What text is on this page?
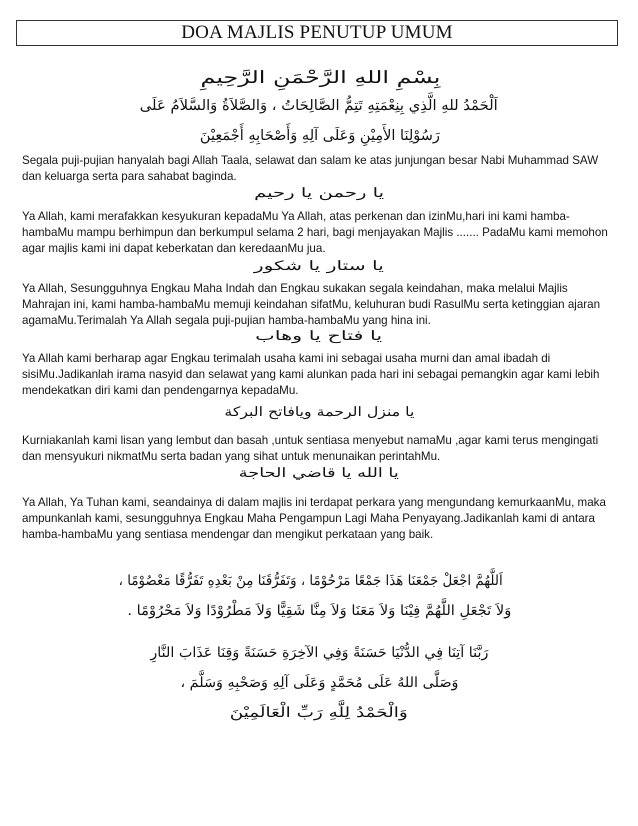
DOA MAJLIS PENUTUP UMUM
بِسْمِ اللهِ الرَّحْمَنِ الرَّحِيمِ
اَلْحَمْدُ للهِ الَّذِي بِنِعْمَتِهِ تَتِمُّ الصَّالِحَاتُ ، وَالصَّلاَةُ وَالسَّلاَمُ عَلَى
رَسُوْلِنَا الأَمِيْنِ وَعَلَى آلِهِ وَأَصْحَابِهِ أَجْمَعِيْنَ

Segala puji-pujian hanyalah bagi Allah Taala, selawat dan salam ke atas junjungan besar Nabi Muhammad SAW dan keluarga serta para sahabat baginda.

يا رحمن يا رحيم

Ya Allah, kami merafakkan kesyukuran kepadaMu Ya Allah, atas perkenan dan izinMu,hari ini kami hamba-hambaMu mampu berhimpun dan berkumpul selama 2 hari, bagi menjayakan Majlis ....... PadaMu kami memohon agar majlis kami ini dapat keberkatan dan keredaanMu jua.

يا ستار يا شكور

Ya Allah, Sesungguhnya Engkau Maha Indah dan Engkau sukakan segala keindahan, maka melalui Majlis Mahrajan ini, kami hamba-hambaMu memuji keindahan sifatMu, keluhuran budi RasulMu serta ketinggian ajaran agamaMu.Terimalah Ya Allah segala puji-pujian hamba-hambaMu yang hina ini.

يا فتاح يا وهاب

Ya Allah kami berharap agar Engkau terimalah usaha kami ini sebagai usaha murni dan amal ibadah di sisiMu.Jadikanlah irama nasyid dan selawat yang kami alunkan pada hari ini sebagai pemangkin agar kami lebih mendekatkan diri kami dan pendengarnya kepadaMu.

يا منزل الرحمة ويافاتح البركة

Kurniakanlah kami lisan yang lembut dan basah ,untuk sentiasa menyebut namaMu ,agar kami terus mengingati dan mensyukuri nikmatMu serta badan yang sihat untuk menunaikan perintahMu.

يا الله يا قاضي الحاجة

Ya Allah, Ya Tuhan kami, seandainya di dalam majlis ini terdapat perkara yang mengundang kemurkaanMu, maka ampunkanlah kami, sesungguhnya Engkau Maha Pengampun Lagi Maha Penyayang.Jadikanlah kami di antara hamba-hambaMu yang sentiasa mendengar dan mengikut perkataan yang baik.

اَللَّهُمَّ اجْعَلْ جَمْعَنَا هَذَا جَمْعًا مَرْحُوْمًا ، وَتَفَرُّقَنَا مِنْ بَعْدِهِ تَفَرُّقًا مَعْصُوْمًا ،
وَلاَ تَجْعَلِ اللَّهُمَّ فِيْنَا وَلاَ مَعَنَا وَلاَ مِنَّا شَقِيًّا وَلاَ مَطْرُوْدًا وَلاَ مَحْرُوْمًا .
رَبَّنَا آتِنَا فِي الدُّنْيَا حَسَنَةً وَفِي الآخِرَةِ حَسَنَةً وَقِنَا عَذَابَ النَّارِ
وَصَلَّى اللهُ عَلَى مُحَمَّدٍ وَعَلَى آلِهِ وَصَحْبِهِ وَسَلَّمَ ،
وَالْحَمْدُ لِلَّهِ رَبِّ الْعَالَمِيْنَ
